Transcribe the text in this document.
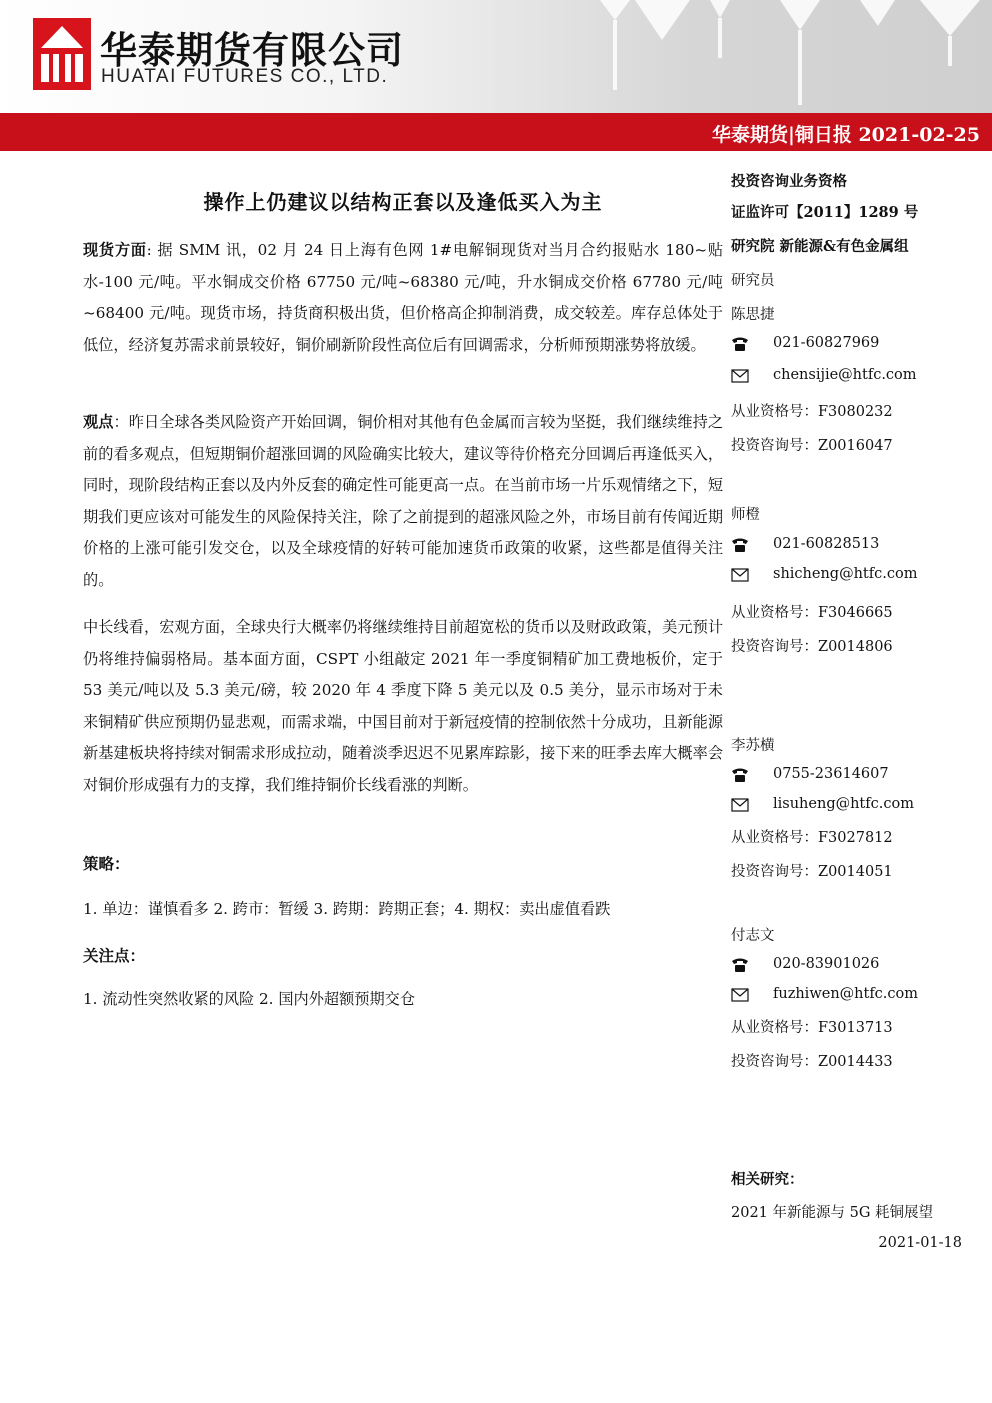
华泰期货有限公司
HUATAI FUTURES CO., LTD.
华泰期货|铜日报 2021-02-25
操作上仍建议以结构正套以及逢低买入为主

现货方面: 据 SMM 讯，02 月 24 日上海有色网 1#电解铜现货对当月合约报贴水 180~贴水-100 元/吨。平水铜成交价格 67750 元/吨~68380 元/吨，升水铜成交价格 67780 元/吨~68400 元/吨。现货市场，持货商积极出货，但价格高企抑制消费，成交较差。库存总体处于低位，经济复苏需求前景较好，铜价刷新阶段性高位后有回调需求，分析师预期涨势将放缓。

观点：昨日全球各类风险资产开始回调，铜价相对其他有色金属而言较为坚挺，我们继续维持之前的看多观点，但短期铜价超涨回调的风险确实比较大，建议等待价格充分回调后再逢低买入，同时，现阶段结构正套以及内外反套的确定性可能更高一点。在当前市场一片乐观情绪之下，短期我们更应该对可能发生的风险保持关注，除了之前提到的超涨风险之外，市场目前有传闻近期价格的上涨可能引发交仓，以及全球疫情的好转可能加速货币政策的收紧，这些都是值得关注的。

中长线看，宏观方面，全球央行大概率仍将继续维持目前超宽松的货币以及财政政策，美元预计仍将维持偏弱格局。基本面方面，CSPT 小组敲定 2021 年一季度铜精矿加工费地板价，定于 53 美元/吨以及 5.3 美元/磅，较 2020 年 4 季度下降 5 美元以及 0.5 美分，显示市场对于未来铜精矿供应预期仍显悲观，而需求端，中国目前对于新冠疫情的控制依然十分成功，且新能源新基建板块将持续对铜需求形成拉动，随着淡季迟迟不见累库踪影，接下来的旺季去库大概率会对铜价形成强有力的支撑，我们维持铜价长线看涨的判断。

策略：

1. 单边：谨慎看多 2. 跨市：暂缓 3. 跨期：跨期正套；4. 期权：卖出虚值看跌

关注点：

1. 流动性突然收紧的风险 2. 国内外超额预期交仓

投资咨询业务资格

证监许可【2011】1289 号

研究院 新能源&有色金属组

研究员

陈思捷

021-60827969
chensijie@htfc.com

从业资格号：F3080232

投资咨询号：Z0016047

师橙

021-60828513
shicheng@htfc.com

从业资格号：F3046665

投资咨询号：Z0014806

李苏横

0755-23614607
lisuheng@htfc.com

从业资格号：F3027812

投资咨询号：Z0014051

付志文

020-83901026
fuzhiwen@htfc.com

从业资格号：F3013713

投资咨询号：Z0014433

相关研究：

2021 年新能源与 5G 耗铜展望

2021-01-18
